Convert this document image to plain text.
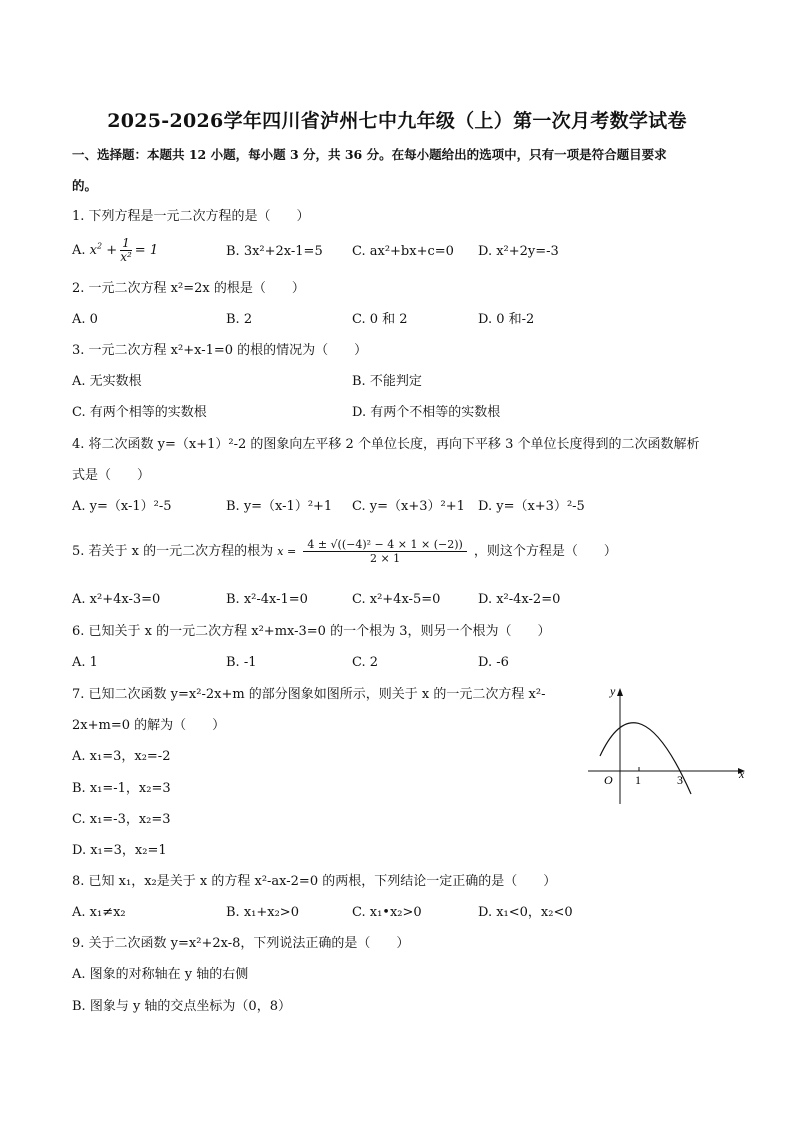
2025-2026学年四川省泸州七中九年级（上）第一次月考数学试卷
一、选择题：本题共 12 小题，每小题 3 分，共 36 分。在每小题给出的选项中，只有一项是符合题目要求
的。
1. 下列方程是一元二次方程的是（　　）
A. $x^2 + \frac{1}{\text{x²}} = 1$	B. 3x²+2x-1=5 C. ax²+bx+c=0 D. x²+2y=-3
2. 一元二次方程 x²=2x 的根是（　　）
A. 0	B. 2	C. 0 和 2	D. 0 和-2
3. 一元二次方程 x²+x-1=0 的根的情况为（　　）
A. 无实数根	B. 不能判定
C. 有两个相等的实数根	D. 有两个不相等的实数根
4. 将二次函数 y=（x+1）²-2 的图象向左平移 2 个单位长度，再向下平移 3 个单位长度得到的二次函数解析
式是（　　）
A. y=（x-1）²-5	B. y=（x-1）²+1 C. y=（x+3）²+1 D. y=（x+3）²-5
5. 若关于 x 的一元二次方程的根为 $x = \frac{\text{4 ± √((−4)² − 4 × 1 × (−2))}}{2 \times 1}$ ，则这个方程是（　　）
A. x²+4x-3=0	B. x²-4x-1=0	C. x²+4x-5=0	D. x²-4x-2=0
6. 已知关于 x 的一元二次方程 x²+mx-3=0 的一个根为 3，则另一个根为（　　）
A. 1	B. -1	C. 2	D. -6
7. 已知二次函数 y=x²-2x+m 的部分图象如图所示，则关于 x 的一元二次方程 x²-
2x+m=0 的解为（　　）
A. x₁=3，x₂=-2
B. x₁=-1，x₂=3
C. x₁=-3，x₂=3
D. x₁=3，x₂=1
y
x
O 1	3
8. 已知 x₁，x₂是关于 x 的方程 x²-ax-2=0 的两根，下列结论一定正确的是（　　）
A. x₁≠x₂	B. x₁+x₂>0	C. x₁•x₂>0	D. x₁<0，x₂<0
9. 关于二次函数 y=x²+2x-8，下列说法正确的是（　　）
A. 图象的对称轴在 y 轴的右侧
B. 图象与 y 轴的交点坐标为（0，8）
